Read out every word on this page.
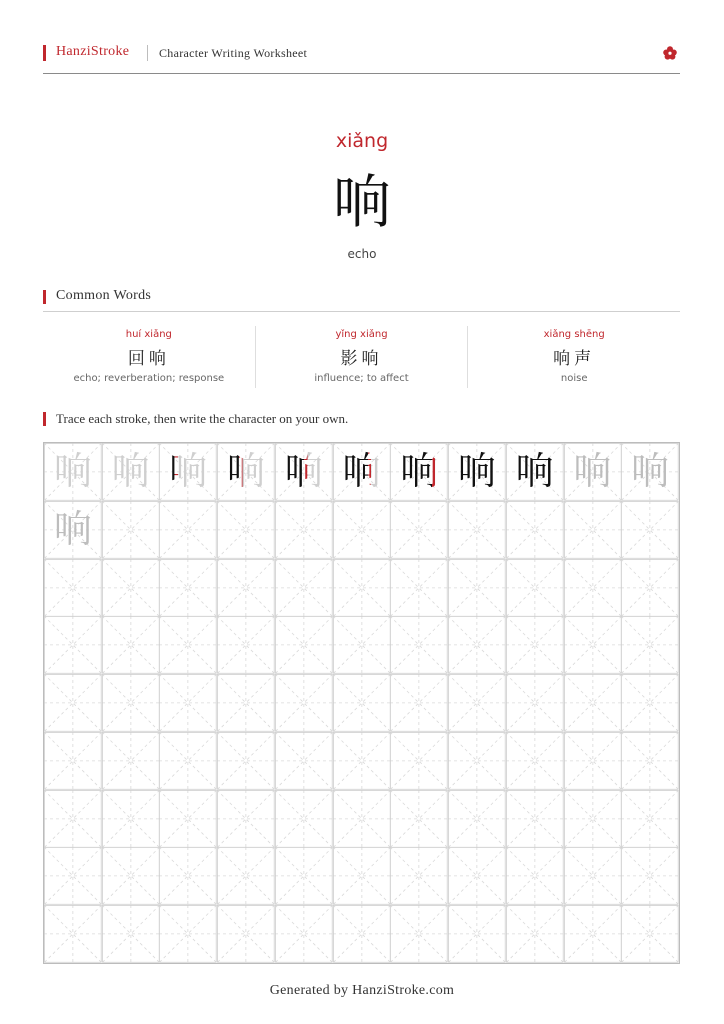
HanziStroke Character Writing Worksheet
xiǎng
响
echo
Common Words
huí xiǎng
回响
echo; reverberation; response
yǐng xiǎng
影响
influence; to affect
xiǎng shēng
响声
noise
Trace each stroke, then write the character on your own.
响 响 响 响 响 响 响 响 响 响 响
响
Generated by HanziStroke.com
